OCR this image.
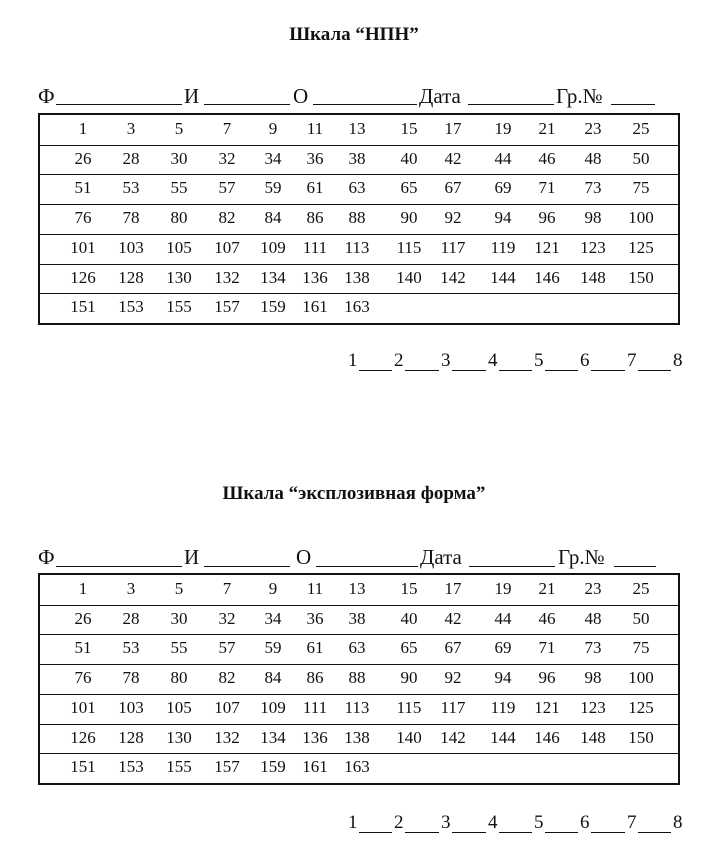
Шкала “НПН”
Ф	И	О	Дата	Гр.№
1	3	5	7	9	11	13	15	17	19	21	23	25
26	28	30	32	34	36	38	40	42	44	46	48	50
51	53	55	57	59	61	63	65	67	69	71	73	75
76	78	80	82	84	86	88	90	92	94	96	98	100
101	103	105	107	109	111	113	115	117	119	121	123	125
126	128	130	132	134 136 138	140	142	144	146	148	150
151	153	155	157	159 161 163
1 2 3 4 5 6 7 8
Шкала “эксплозивная форма”
Ф	И	О	Дата	Гр.№
1	3	5	7	9	11	13	15	17	19	21	23	25
26	28	30	32	34	36	38	40	42	44	46	48	50
51	53	55	57	59	61	63	65	67	69	71	73	75
76	78	80	82	84	86	88	90	92	94	96	98	100
101	103	105	107	109	111	113	115	117	119	121	123	125
126	128	130	132	134 136 138	140	142	144	146	148	150
151	153	155	157	159 161 163
1 2 3 4 5 6 7 8
